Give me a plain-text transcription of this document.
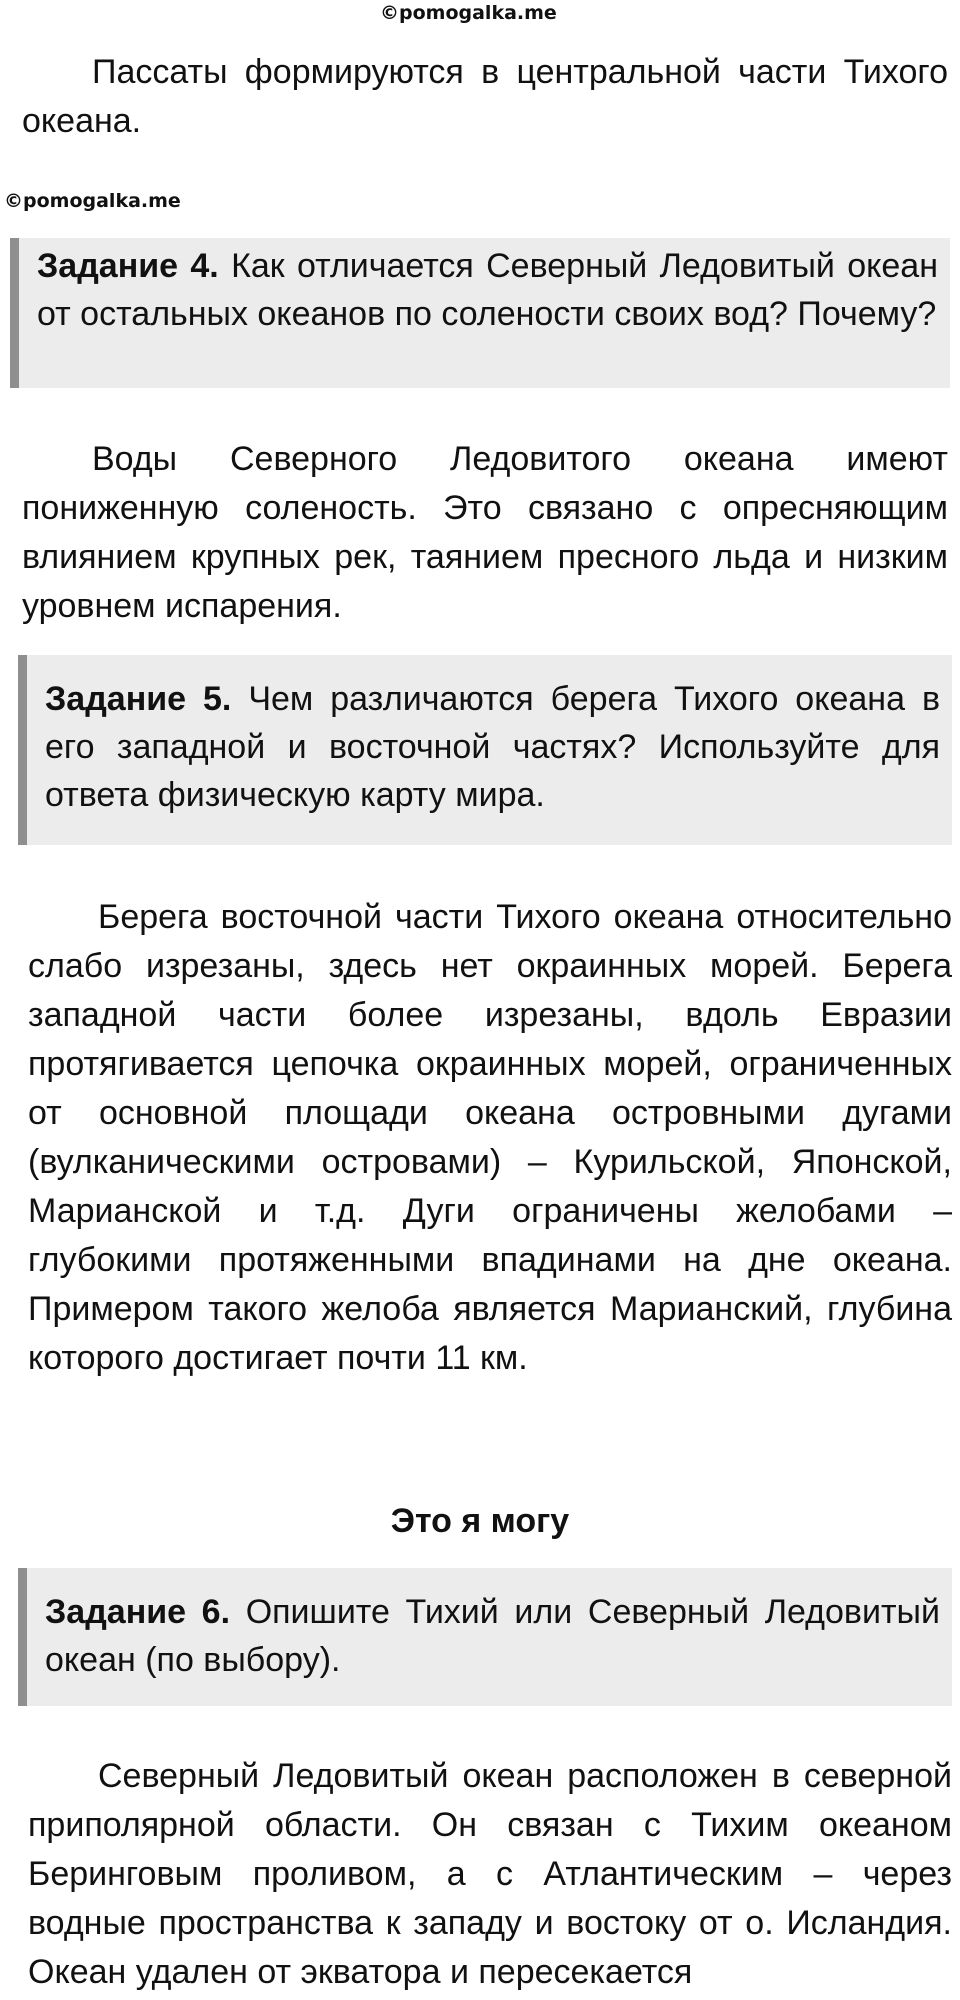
©pomogalka.me

Пассаты формируются в центральной части Тихого океана.

©pomogalka.me
Задание 4. Как отличается Северный Ледовитый океан от остальных океанов по солености своих вод? Почему?

Воды Северного Ледовитого океана имеют пониженную соленость. Это связано с опресняющим влиянием крупных рек, таянием пресного льда и низким уровнем испарения.

Задание 5. Чем различаются берега Тихого океана в его западной и восточной частях? Используйте для ответа физическую карту мира.

Берега восточной части Тихого океана относительно слабо изрезаны, здесь нет окраинных морей. Берега западной части более изрезаны, вдоль Евразии протягивается цепочка окраинных морей, ограниченных от основной площади океана островными дугами (вулканическими островами) – Курильской, Японской, Марианской и т.д. Дуги ограничены желобами – глубокими протяженными впадинами на дне океана. Примером такого желоба является Марианский, глубина которого достигает почти 11 км.

Это я могу
Задание 6. Опишите Тихий или Северный Ледовитый океан (по выбору).

Северный Ледовитый океан расположен в северной приполярной области. Он связан с Тихим океаном Беринговым проливом, а с Атлантическим – через водные пространства к западу и востоку от о. Исландия. Океан удален от экватора и пересекается
